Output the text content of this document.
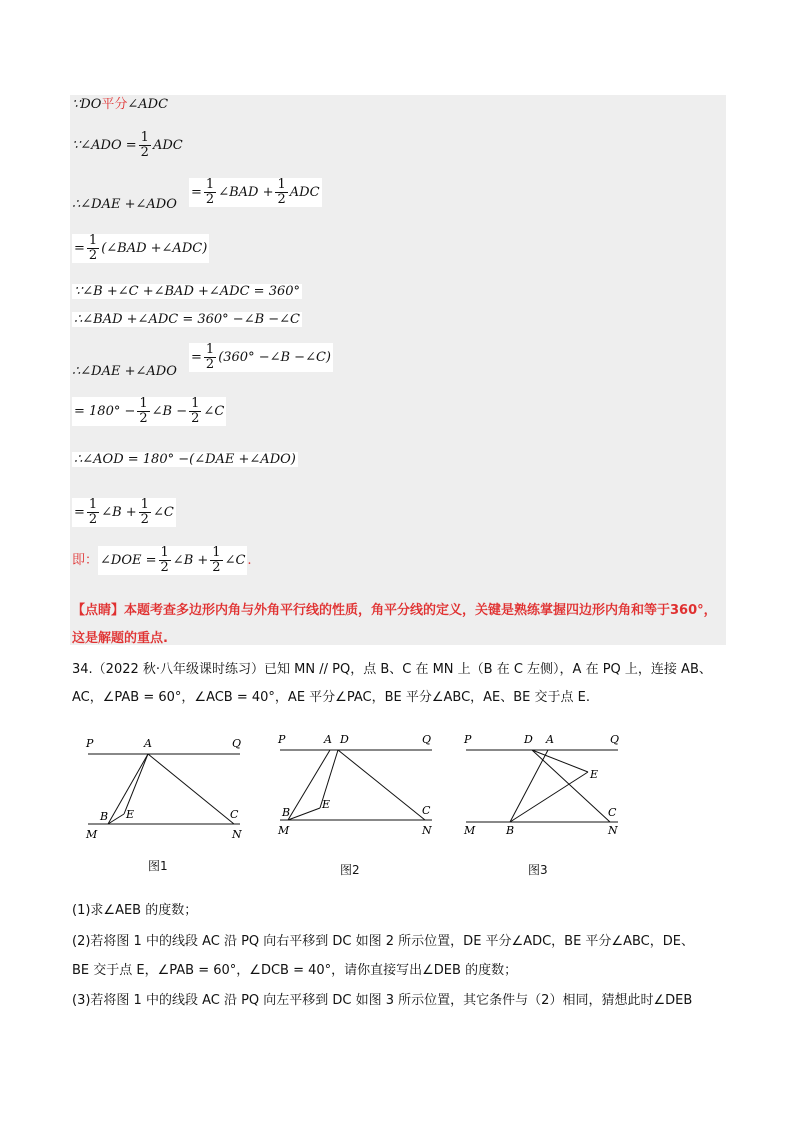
∵DO平分∠ADC
∵∠ADO = $\frac{1}{2}$ ADC
∴∠DAE +∠ADO = $\frac{1}{2}$ ∠BAD + $\frac{1}{2}$ ADC
= $\frac{1}{2}$ (∠BAD +∠ADC)
∵∠B +∠C +∠BAD +∠ADC = 360°
∴∠BAD +∠ADC = 360° −∠B −∠C
∴∠DAE +∠ADO = $\frac{1}{2} (360^\circ$ −∠B −∠C)
= $180^\circ - \frac{1}{2}$ ∠B − $\frac{1}{2}$ ∠C
∴∠AOD = 180° −(∠DAE +∠ADO)
= $\frac{1}{2}$ ∠B + $\frac{1}{2}$ ∠C
即： ∠DOE = $\frac{1}{2}$ ∠B + $\frac{1}{2}$ ∠C .
【点睛】本题考查多边形内角与外角平行线的性质，角平分线的定义，关键是熟练掌握四边形内角和等于360°，这是解题的重点.
34.（2022 秋·八年级课时练习）已知 MN // PQ，点 B、C 在 MN 上（B 在 C 左侧），A 在 PQ 上，连接 AB、
AC，∠PAB = 60°，∠ACB = 40°，AE 平分∠PAC，BE 平分∠ABC，AE、BE 交于点 E.
P	A	Q
B E	C
M	N
P	A D	Q
B
E	C
M	N
P	D A	Q
E
C
M	B	N
图1	图2	图3
(1)求∠AEB 的度数；
(2)若将图 1 中的线段 AC 沿 PQ 向右平移到 DC 如图 2 所示位置，DE 平分∠ADC，BE 平分∠ABC，DE、
BE 交于点 E，∠PAB = 60°，∠DCB = 40°，请你直接写出∠DEB 的度数；
(3)若将图 1 中的线段 AC 沿 PQ 向左平移到 DC 如图 3 所示位置，其它条件与（2）相同，猜想此时∠DEB
